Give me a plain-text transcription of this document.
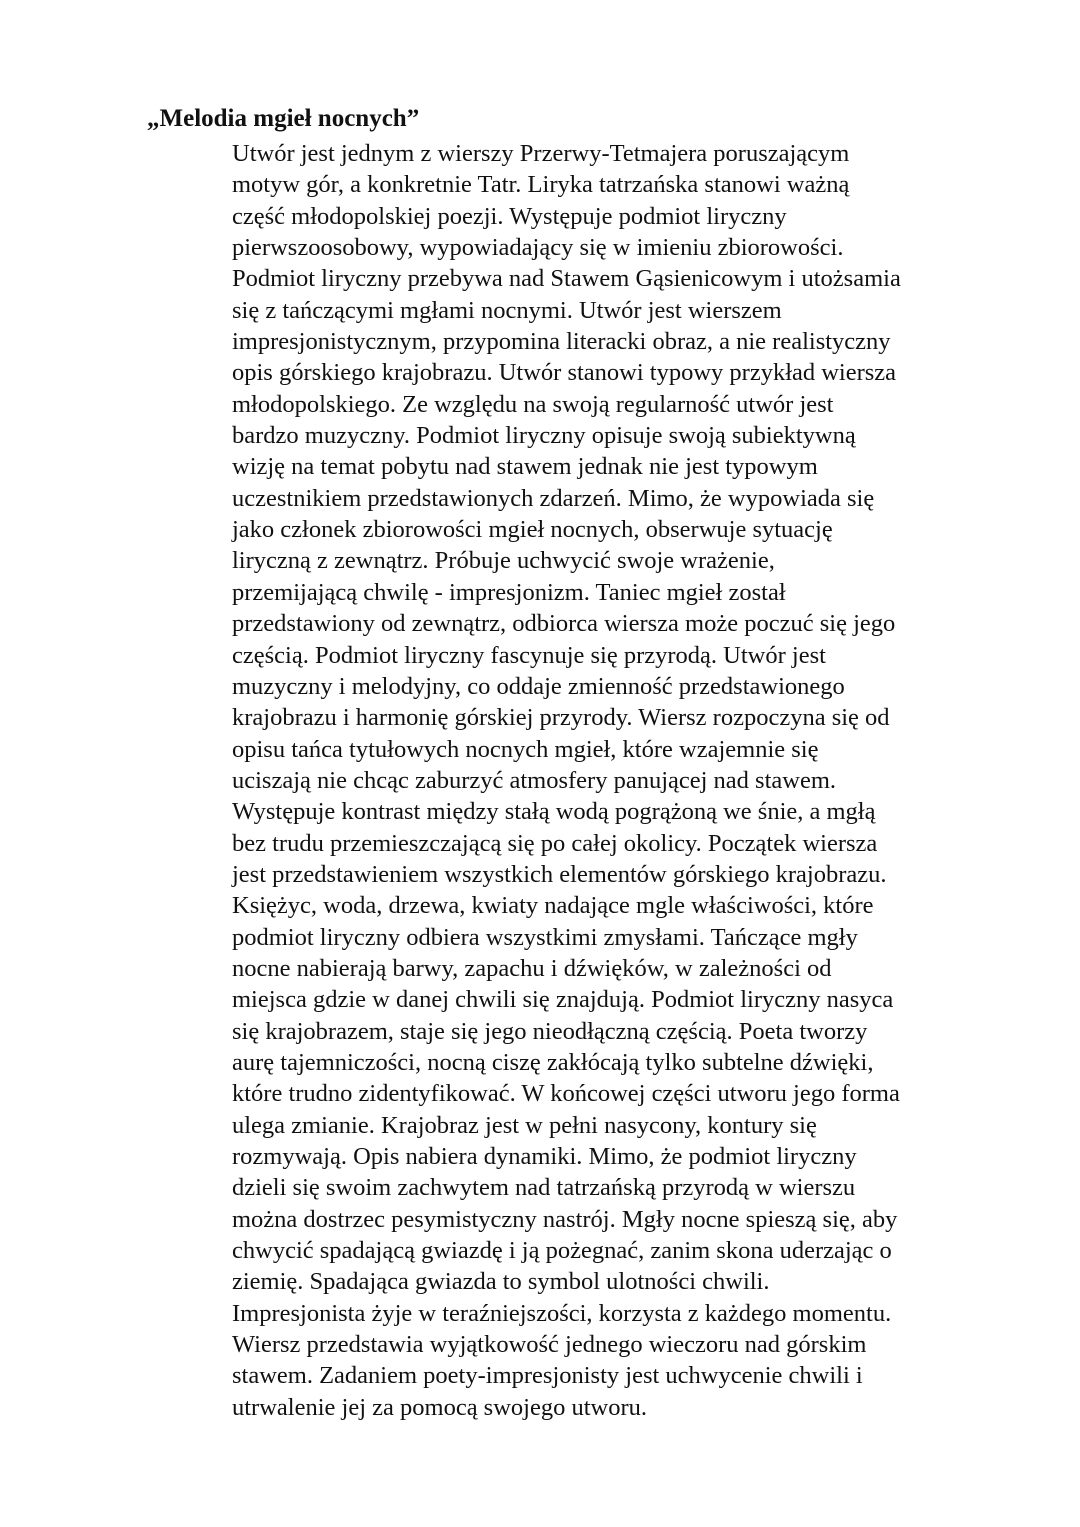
„Melodia mgieł nocnych”

Utwór jest jednym z wierszy Przerwy-Tetmajera poruszającym
motyw gór, a konkretnie Tatr. Liryka tatrzańska stanowi ważną
część młodopolskiej poezji. Występuje podmiot liryczny
pierwszoosobowy, wypowiadający się w imieniu zbiorowości.
Podmiot liryczny przebywa nad Stawem Gąsienicowym i utożsamia
się z tańczącymi mgłami nocnymi. Utwór jest wierszem
impresjonistycznym, przypomina literacki obraz, a nie realistyczny
opis górskiego krajobrazu. Utwór stanowi typowy przykład wiersza
młodopolskiego. Ze względu na swoją regularność utwór jest
bardzo muzyczny. Podmiot liryczny opisuje swoją subiektywną
wizję na temat pobytu nad stawem jednak nie jest typowym
uczestnikiem przedstawionych zdarzeń. Mimo, że wypowiada się
jako członek zbiorowości mgieł nocnych, obserwuje sytuację
liryczną z zewnątrz. Próbuje uchwycić swoje wrażenie,
przemijającą chwilę - impresjonizm. Taniec mgieł został
przedstawiony od zewnątrz, odbiorca wiersza może poczuć się jego
częścią. Podmiot liryczny fascynuje się przyrodą. Utwór jest
muzyczny i melodyjny, co oddaje zmienność przedstawionego
krajobrazu i harmonię górskiej przyrody. Wiersz rozpoczyna się od
opisu tańca tytułowych nocnych mgieł, które wzajemnie się
uciszają nie chcąc zaburzyć atmosfery panującej nad stawem.
Występuje kontrast między stałą wodą pogrążoną we śnie, a mgłą
bez trudu przemieszczającą się po całej okolicy. Początek wiersza
jest przedstawieniem wszystkich elementów górskiego krajobrazu.
Księżyc, woda, drzewa, kwiaty nadające mgle właściwości, które
podmiot liryczny odbiera wszystkimi zmysłami. Tańczące mgły
nocne nabierają barwy, zapachu i dźwięków, w zależności od
miejsca gdzie w danej chwili się znajdują. Podmiot liryczny nasyca
się krajobrazem, staje się jego nieodłączną częścią. Poeta tworzy
aurę tajemniczości, nocną ciszę zakłócają tylko subtelne dźwięki,
które trudno zidentyfikować. W końcowej części utworu jego forma
ulega zmianie. Krajobraz jest w pełni nasycony, kontury się
rozmywają. Opis nabiera dynamiki. Mimo, że podmiot liryczny
dzieli się swoim zachwytem nad tatrzańską przyrodą w wierszu
można dostrzec pesymistyczny nastrój. Mgły nocne spieszą się, aby
chwycić spadającą gwiazdę i ją pożegnać, zanim skona uderzając o
ziemię. Spadająca gwiazda to symbol ulotności chwili.
Impresjonista żyje w teraźniejszości, korzysta z każdego momentu.
Wiersz przedstawia wyjątkowość jednego wieczoru nad górskim
stawem. Zadaniem poety-impresjonisty jest uchwycenie chwili i
utrwalenie jej za pomocą swojego utworu.
